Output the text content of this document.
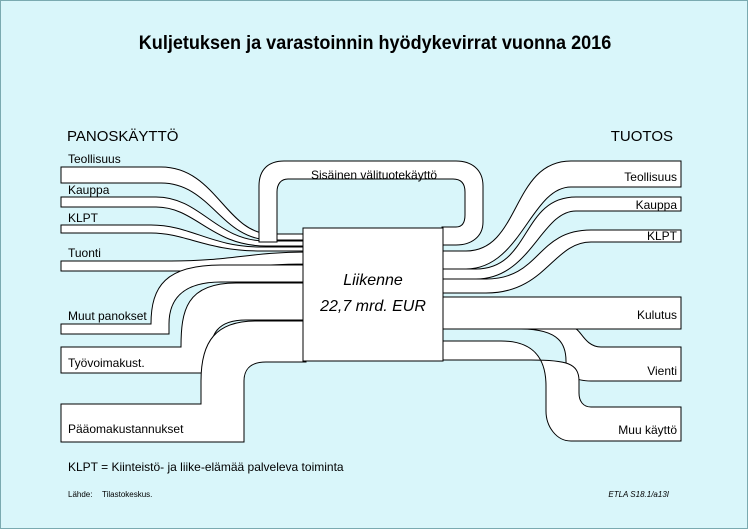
Kuljetuksen ja varastoinnin hyödykevirrat vuonna 2016
PANOSKÄYTTÖ	TUOTOS
Teollisuus
Kauppa
KLPT
Tuonti
Muut panokset
Työvoimakust.
Pääomakustannukset
Teollisuus
Kauppa
KLPT
Kulutus
Vienti
Muu käyttö
Sisäinen välituotekäyttö
Liikenne
22,7 mrd. EUR
KLPT = Kiinteistö- ja liike-elämää palveleva toiminta
Lähde: Tilastokeskus.	ETLA S18.1/a13I
